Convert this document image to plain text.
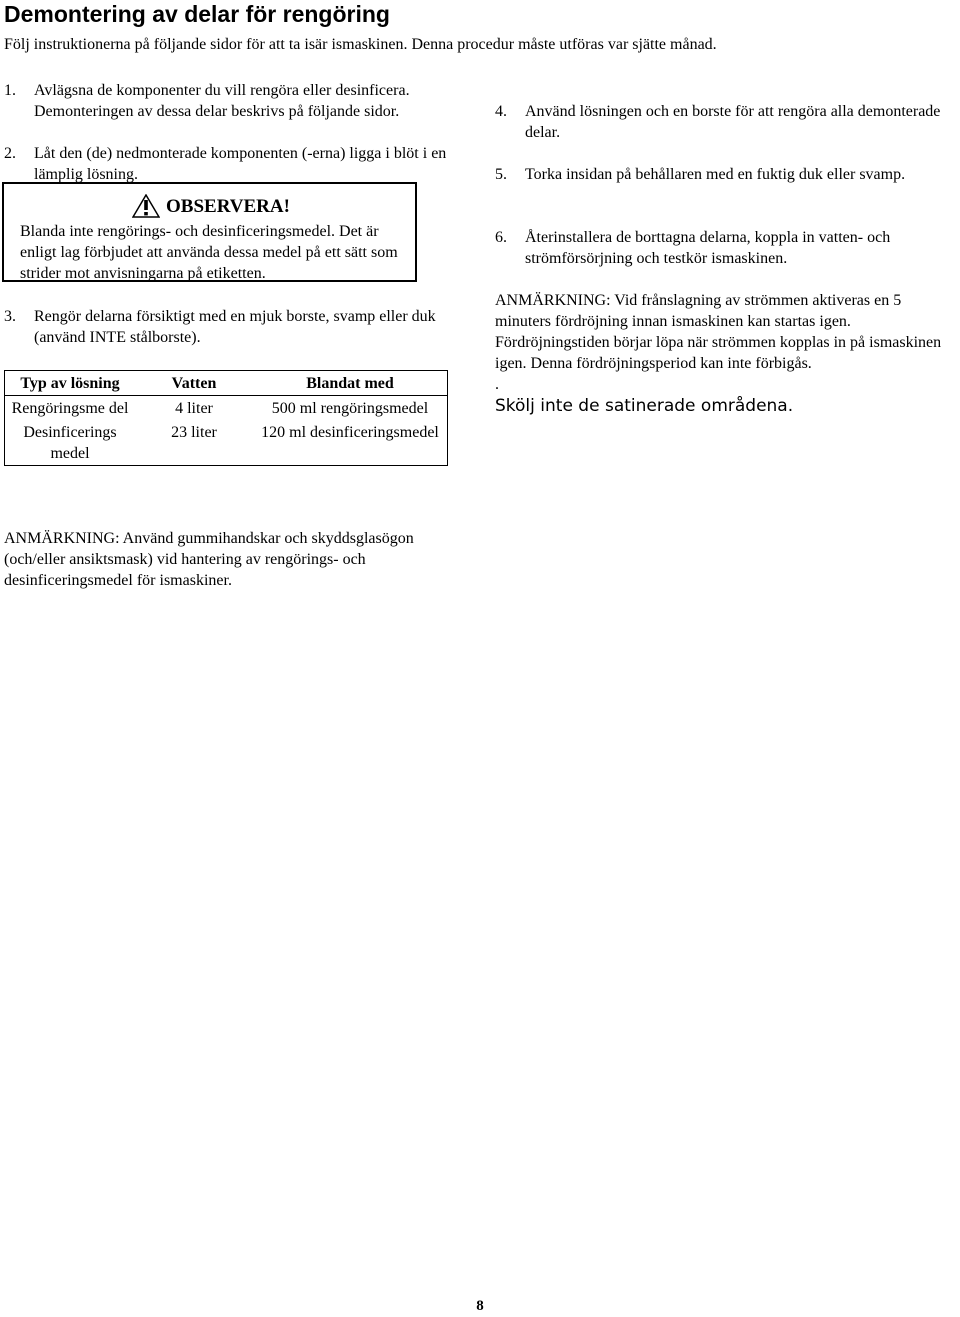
Demontering av delar för rengöring
Följ instruktionerna på följande sidor för att ta isär ismaskinen. Denna procedur måste utföras var sjätte månad.
1.	Avlägsna de komponenter du vill rengöra eller desinficera. Demonteringen av dessa delar beskrivs på följande sidor.
2.	Låt den (de) nedmonterade komponenten (-erna) ligga i blöt i en lämplig lösning.
OBSERVERA!
Blanda inte rengörings- och desinficeringsmedel. Det är enligt lag förbjudet att använda dessa medel på ett sätt som strider mot anvisningarna på etiketten.
3.	Rengör delarna försiktigt med en mjuk borste, svamp eller duk (använd INTE stålborste).
Typ av lösning	Vatten	Blandat med
Rengöringsme del	4 liter	500 ml rengöringsmedel
Desinficerings medel	23 liter	120 ml desinficeringsmedel
ANMÄRKNING: Använd gummihandskar och skyddsglasögon (och/eller ansiktsmask) vid hantering av rengörings- och desinficeringsmedel för ismaskiner.
4.	Använd lösningen och en borste för att rengöra alla demonterade delar.
5.	Torka insidan på behållaren med en fuktig duk eller svamp.
6.	Återinstallera de borttagna delarna, koppla in vatten- och strömförsörjning och testkör ismaskinen.
ANMÄRKNING: Vid frånslagning av strömmen aktiveras en 5 minuters fördröjning innan ismaskinen kan startas igen. Fördröjningstiden börjar löpa när strömmen kopplas in på ismaskinen igen. Denna fördröjningsperiod kan inte förbigås.
.
Skölj inte de satinerade områdena.
8
